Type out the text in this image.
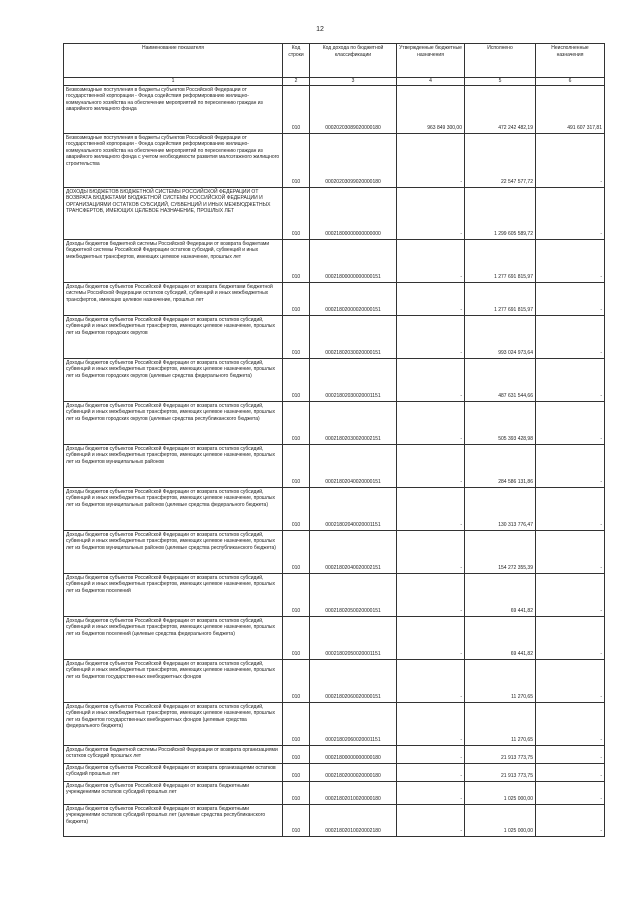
12
Наименование показателя	Код строки	Код дохода по бюджетной классификации	Утвержденные бюджетные назначения	Исполнено	Неисполненные назначения
1	2	3	4	5	6
Безвозмездные поступления в бюджеты субъектов Российской Федерации от государственной корпорации - Фонда содействия реформированию жилищно-коммунального хозяйства на обеспечение мероприятий по переселению граждан из аварийного жилищного фонда	010	00020203089020000180	963 849 300,00	472 242 482,19	491 607 317,81
Безвозмездные поступления в бюджеты субъектов Российской Федерации от государственной корпорации - Фонда содействия реформированию жилищно-коммунального хозяйства на обеспечение мероприятий по переселению граждан из аварийного жилищного фонда с учетом необходимости развития малоэтажного жилищного строительства	010	00020203099020000180	-	22 547 577,72	-
ДОХОДЫ БЮДЖЕТОВ БЮДЖЕТНОЙ СИСТЕМЫ РОССИЙСКОЙ ФЕДЕРАЦИИ ОТ ВОЗВРАТА БЮДЖЕТАМИ БЮДЖЕТНОЙ СИСТЕМЫ РОССИЙСКОЙ ФЕДЕРАЦИИ И ОРГАНИЗАЦИЯМИ ОСТАТКОВ СУБСИДИЙ, СУБВЕНЦИЙ И ИНЫХ МЕЖБЮДЖЕТНЫХ ТРАНСФЕРТОВ, ИМЕЮЩИХ ЦЕЛЕВОЕ НАЗНАЧЕНИЕ, ПРОШЛЫХ ЛЕТ	010	00021800000000000000	-	1 299 605 589,72	-
Доходы бюджетов бюджетной системы Российской Федерации от возврата бюджетами бюджетной системы Российской Федерации остатков субсидий, субвенций и иных межбюджетных трансфертов, имеющих целевое назначение, прошлых лет	010	00021800000000000151	-	1 277 691 815,97	-
Доходы бюджетов субъектов Российской Федерации от возврата бюджетами бюджетной системы Российской Федерации остатков субсидий, субвенций и иных межбюджетных трансфертов, имеющих целевое назначение, прошлых лет	010	00021802000020000151	-	1 277 691 815,97	-
Доходы бюджетов субъектов Российской Федерации от возврата остатков субсидий, субвенций и иных межбюджетных трансфертов, имеющих целевое назначение, прошлых лет из бюджетов городских округов	010	00021802030020000151	-	993 024 973,64	-
Доходы бюджетов субъектов Российской Федерации от возврата остатков субсидий, субвенций и иных межбюджетных трансфертов, имеющих целевое назначение, прошлых лет из бюджетов городских округов (целевые средства федерального бюджета)	010	00021802030020001151	-	487 631 544,66	-
Доходы бюджетов субъектов Российской Федерации от возврата остатков субсидий, субвенций и иных межбюджетных трансфертов, имеющих целевое назначение, прошлых лет из бюджетов городских округов (целевые средства республиканского бюджета)	010	00021802030020002151	-	505 393 428,98	-
Доходы бюджетов субъектов Российской Федерации от возврата остатков субсидий, субвенций и иных межбюджетных трансфертов, имеющих целевое назначение, прошлых лет из бюджетов муниципальных районов	010	00021802040020000151	-	284 586 131,86	-
Доходы бюджетов субъектов Российской Федерации от возврата остатков субсидий, субвенций и иных межбюджетных трансфертов, имеющих целевое назначение, прошлых лет из бюджетов муниципальных районов (целевые средства федерального бюджета)	010	00021802040020001151	-	130 313 776,47	-
Доходы бюджетов субъектов Российской Федерации от возврата остатков субсидий, субвенций и иных межбюджетных трансфертов, имеющих целевое назначение, прошлых лет из бюджетов муниципальных районов (целевые средства республиканского бюджета)	010	00021802040020002151	-	154 272 355,39	-
Доходы бюджетов субъектов Российской Федерации от возврата остатков субсидий, субвенций и иных межбюджетных трансфертов, имеющих целевое назначение, прошлых лет из бюджетов поселений	010	00021802050020000151	-	69 441,82	-
Доходы бюджетов субъектов Российской Федерации от возврата остатков субсидий, субвенций и иных межбюджетных трансфертов, имеющих целевое назначение, прошлых лет из бюджетов поселений (целевые средства федерального бюджета)	010	00021802050020001151	-	69 441,82	-
Доходы бюджетов субъектов Российской Федерации от возврата остатков субсидий, субвенций и иных межбюджетных трансфертов, имеющих целевое назначение, прошлых лет из бюджетов государственных внебюджетных фондов	010	00021802060020000151	-	11 270,65	-
Доходы бюджетов субъектов Российской Федерации от возврата остатков субсидий, субвенций и иных межбюджетных трансфертов, имеющих целевое назначение, прошлых лет из бюджетов государственных внебюджетных фондов (целевые средства федерального бюджета)	010	00021802060020001151	-	11 270,65	-
Доходы бюджетов бюджетной системы Российской Федерации от возврата организациями остатков субсидий прошлых лет	010	00021800000000000180	-	21 913 773,75	-
Доходы бюджетов субъектов Российской Федерации от возврата организациями остатков субсидий прошлых лет	010	00021802000020000180	-	21 913 773,75	-
Доходы бюджетов субъектов Российской Федерации от возврата бюджетными учреждениями остатков субсидий прошлых лет	010	00021802010020000180	-	1 025 000,00	-
Доходы бюджетов субъектов Российской Федерации от возврата бюджетными учреждениями остатков субсидий прошлых лет (целевые средства республиканского бюджета)	010	00021802010020002180	-	1 025 000,00	-
